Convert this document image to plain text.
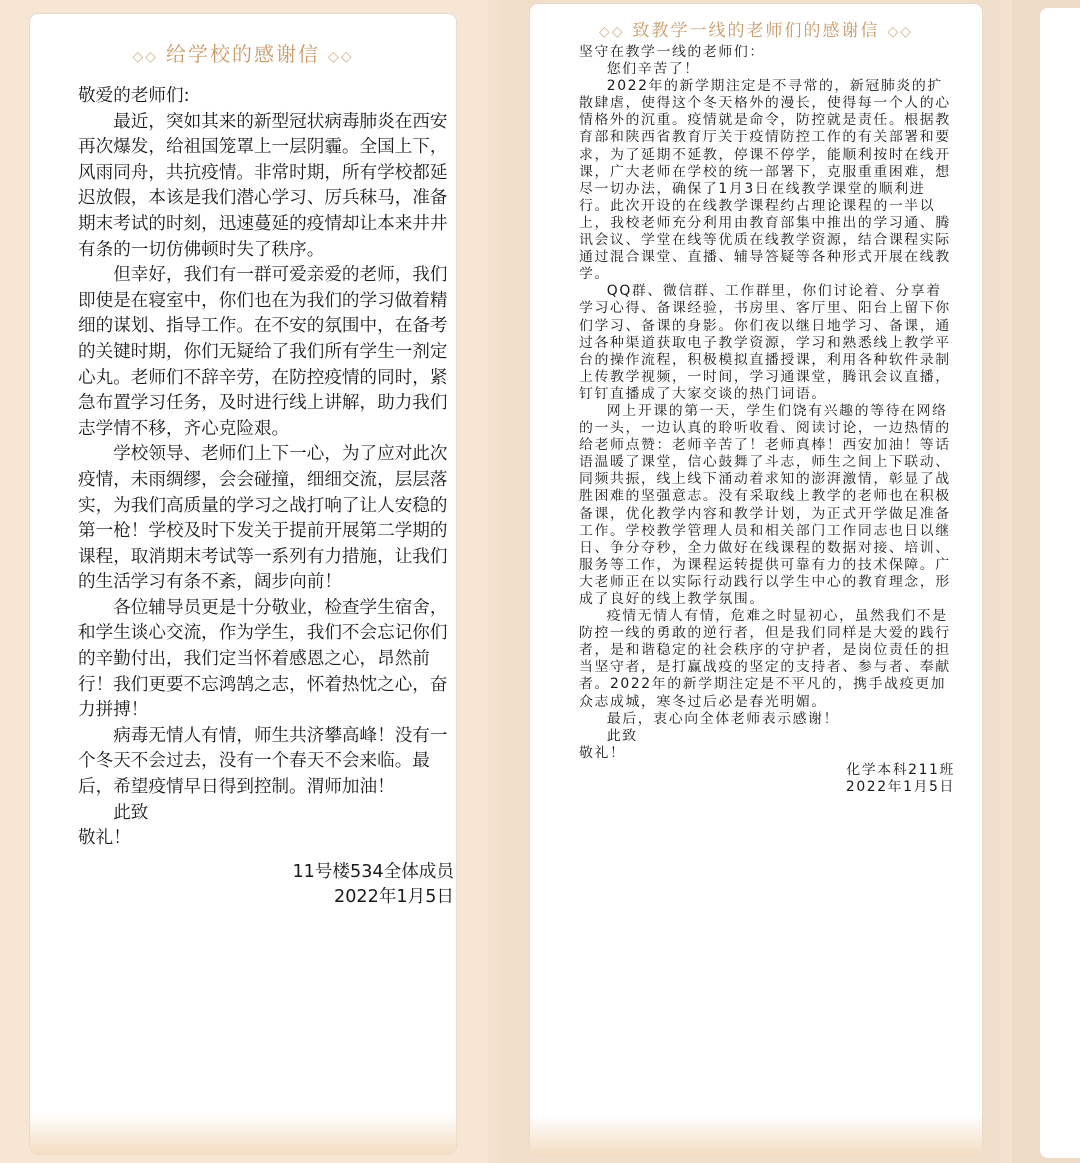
◇◇ 给学校的感谢信 ◇◇

敬爱的老师们:

最近，突如其来的新型冠状病毒肺炎在西安再次爆发，给祖国笼罩上一层阴霾。全国上下，风雨同舟，共抗疫情。非常时期，所有学校都延迟放假，本该是我们潜心学习、厉兵秣马，准备期末考试的时刻，迅速蔓延的疫情却让本来井井有条的一切仿佛顿时失了秩序。

但幸好，我们有一群可爱亲爱的老师，我们即使是在寝室中，你们也在为我们的学习做着精细的谋划、指导工作。在不安的氛围中，在备考的关键时期，你们无疑给了我们所有学生一剂定心丸。老师们不辞辛劳，在防控疫情的同时，紧急布置学习任务，及时进行线上讲解，助力我们志学情不移，齐心克险艰。

学校领导、老师们上下一心，为了应对此次疫情，未雨绸缪，会会碰撞，细细交流，层层落实，为我们高质量的学习之战打响了让人安稳的第一枪！学校及时下发关于提前开展第二学期的课程，取消期末考试等一系列有力措施，让我们的生活学习有条不紊，阔步向前！

各位辅导员更是十分敬业，检查学生宿舍，和学生谈心交流，作为学生，我们不会忘记你们的辛勤付出，我们定当怀着感恩之心，昂然前行！我们更要不忘鸿鹄之志，怀着热忱之心，奋力拼搏！

病毒无情人有情，师生共济攀高峰！没有一个冬天不会过去，没有一个春天不会来临。最后，希望疫情早日得到控制。渭师加油！

此致

敬礼！

11号楼534全体成员

2022年1月5日

◇◇ 致教学一线的老师们的感谢信 ◇◇

坚守在教学一线的老师们：

您们辛苦了！

2022年的新学期注定是不寻常的，新冠肺炎的扩散肆虐，使得这个冬天格外的漫长，使得每一个人的心情格外的沉重。疫情就是命令，防控就是责任。根据教育部和陕西省教育厅关于疫情防控工作的有关部署和要求，为了延期不延教，停课不停学，能顺利按时在线开课，广大老师在学校的统一部署下，克服重重困难，想尽一切办法，确保了1月3日在线教学课堂的顺利进行。此次开设的在线教学课程约占理论课程的一半以上，我校老师充分利用由教育部集中推出的学习通、腾讯会议、学堂在线等优质在线教学资源，结合课程实际通过混合课堂、直播、辅导答疑等各种形式开展在线教学。

QQ群、微信群、工作群里，你们讨论着、分享着学习心得、备课经验，书房里、客厅里、阳台上留下你们学习、备课的身影。你们夜以继日地学习、备课，通过各种渠道获取电子教学资源，学习和熟悉线上教学平台的操作流程，积极模拟直播授课，利用各种软件录制上传教学视频，一时间，学习通课堂，腾讯会议直播，钉钉直播成了大家交谈的热门词语。

网上开课的第一天，学生们饶有兴趣的等待在网络的一头，一边认真的聆听收看、阅读讨论，一边热情的给老师点赞：老师辛苦了！老师真棒！西安加油！等话语温暖了课堂，信心鼓舞了斗志，师生之间上下联动、同频共振，线上线下涌动着求知的澎湃激情，彰显了战胜困难的坚强意志。没有采取线上教学的老师也在积极备课，优化教学内容和教学计划，为正式开学做足准备工作。学校教学管理人员和相关部门工作同志也日以继日、争分夺秒，全力做好在线课程的数据对接、培训、服务等工作，为课程运转提供可靠有力的技术保障。广大老师正在以实际行动践行以学生中心的教育理念，形成了良好的线上教学氛围。

疫情无情人有情，危难之时显初心，虽然我们不是防控一线的勇敢的逆行者，但是我们同样是大爱的践行者，是和谐稳定的社会秩序的守护者，是岗位责任的担当坚守者，是打赢战疫的坚定的支持者、参与者、奉献者。2022年的新学期注定是不平凡的，携手战疫更加众志成城，寒冬过后必是春光明媚。

最后，衷心向全体老师表示感谢！

此致

敬礼！

化学本科211班

2022年1月5日
